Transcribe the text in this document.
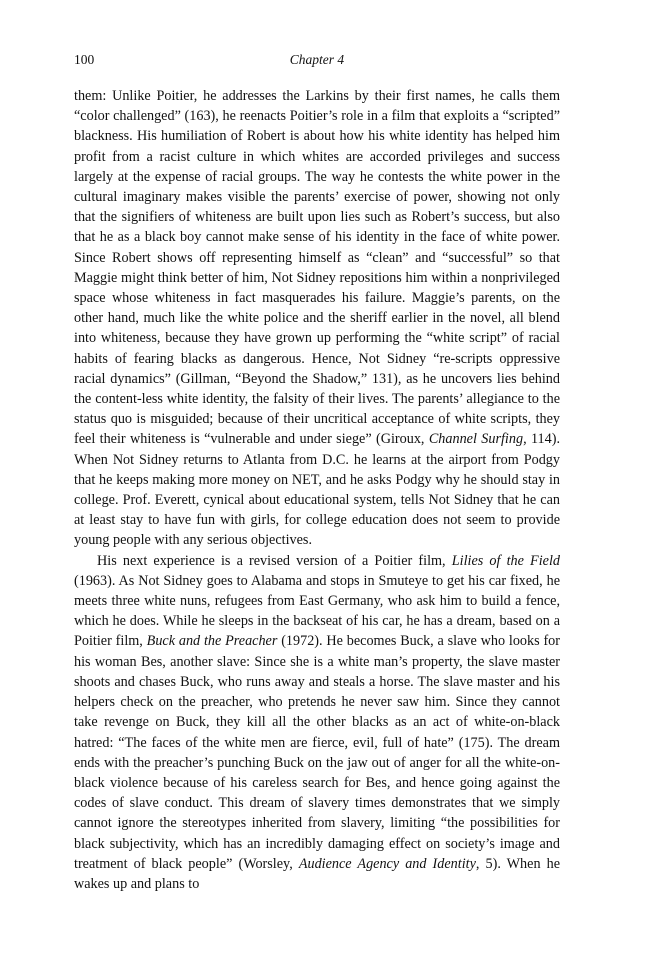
100	Chapter 4

them: Unlike Poitier, he addresses the Larkins by their first names, he calls them “color challenged” (163), he reenacts Poitier’s role in a film that exploits a “scripted” blackness. His humiliation of Robert is about how his white identity has helped him profit from a racist culture in which whites are accorded privileges and success largely at the expense of racial groups. The way he contests the white power in the cultural imaginary makes visible the parents’ exercise of power, showing not only that the signifiers of whiteness are built upon lies such as Robert’s success, but also that he as a black boy cannot make sense of his identity in the face of white power. Since Robert shows off representing himself as “clean” and “successful” so that Maggie might think better of him, Not Sidney repositions him within a nonprivileged space whose whiteness in fact masquerades his failure. Maggie’s parents, on the other hand, much like the white police and the sheriff earlier in the novel, all blend into whiteness, because they have grown up performing the “white script” of racial habits of fearing blacks as dangerous. Hence, Not Sidney “re-scripts oppressive racial dynamics” (Gillman, “Beyond the Shadow,” 131), as he uncovers lies behind the content-less white identity, the falsity of their lives. The parents’ allegiance to the status quo is misguided; because of their uncritical acceptance of white scripts, they feel their whiteness is “vulnerable and under siege” (Giroux, Channel Surfing, 114). When Not Sidney returns to Atlanta from D.C. he learns at the airport from Podgy that he keeps making more money on NET, and he asks Podgy why he should stay in college. Prof. Everett, cynical about educational system, tells Not Sidney that he can at least stay to have fun with girls, for college education does not seem to provide young people with any serious objectives.

His next experience is a revised version of a Poitier film, Lilies of the Field (1963). As Not Sidney goes to Alabama and stops in Smuteye to get his car fixed, he meets three white nuns, refugees from East Germany, who ask him to build a fence, which he does. While he sleeps in the backseat of his car, he has a dream, based on a Poitier film, Buck and the Preacher (1972). He becomes Buck, a slave who looks for his woman Bes, another slave: Since she is a white man’s property, the slave master shoots and chases Buck, who runs away and steals a horse. The slave master and his helpers check on the preacher, who pretends he never saw him. Since they cannot take revenge on Buck, they kill all the other blacks as an act of white-on-black hatred: “The faces of the white men are fierce, evil, full of hate” (175). The dream ends with the preacher’s punching Buck on the jaw out of anger for all the white-on-black violence because of his careless search for Bes, and hence going against the codes of slave conduct. This dream of slavery times demonstrates that we simply cannot ignore the stereotypes inherited from slavery, limiting “the possibilities for black subjectivity, which has an incredibly damaging effect on society’s image and treatment of black people” (Worsley, Audience Agency and Identity, 5). When he wakes up and plans to
